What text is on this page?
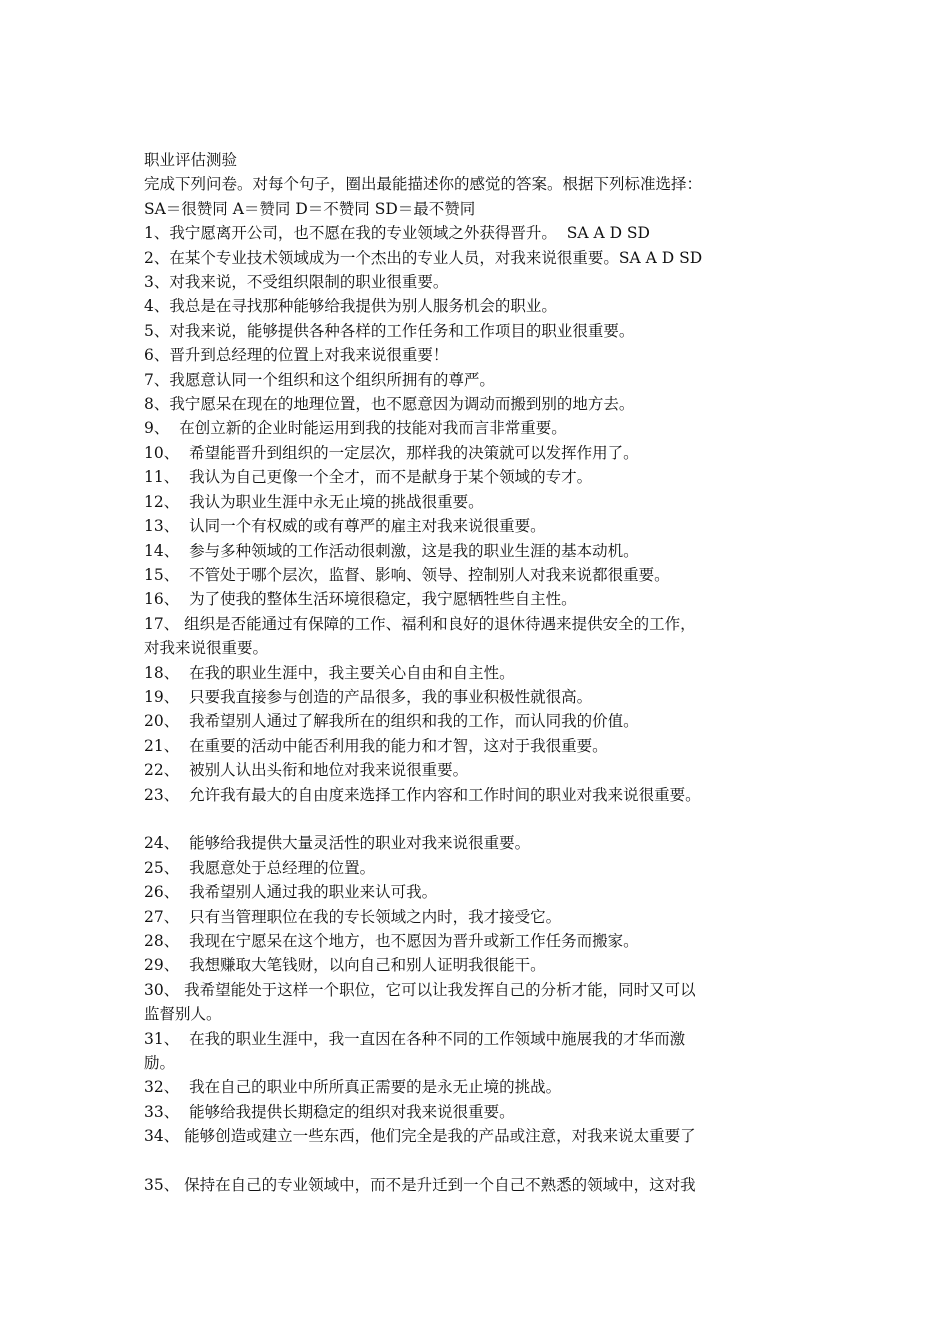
职业评估测验
完成下列问卷。对每个句子，圈出最能描述你的感觉的答案。根据下列标准选择：
SA＝很赞同 A＝赞同 D＝不赞同 SD＝最不赞同
1、我宁愿离开公司，也不愿在我的专业领域之外获得晋升。  SA A D SD
2、在某个专业技术领域成为一个杰出的专业人员，对我来说很重要。SA A D SD
3、对我来说，不受组织限制的职业很重要。
4、我总是在寻找那种能够给我提供为别人服务机会的职业。
5、对我来说，能够提供各种各样的工作任务和工作项目的职业很重要。
6、晋升到总经理的位置上对我来说很重要！
7、我愿意认同一个组织和这个组织所拥有的尊严。
8、我宁愿呆在现在的地理位置，也不愿意因为调动而搬到别的地方去。
9、  在创立新的企业时能运用到我的技能对我而言非常重要。
10、  希望能晋升到组织的一定层次，那样我的决策就可以发挥作用了。
11、  我认为自己更像一个全才，而不是献身于某个领域的专才。
12、  我认为职业生涯中永无止境的挑战很重要。
13、  认同一个有权威的或有尊严的雇主对我来说很重要。
14、  参与多种领域的工作活动很刺激，这是我的职业生涯的基本动机。
15、  不管处于哪个层次，监督、影响、领导、控制别人对我来说都很重要。
16、  为了使我的整体生活环境很稳定，我宁愿牺牲些自主性。
17、 组织是否能通过有保障的工作、福利和良好的退休待遇来提供安全的工作，
对我来说很重要。
18、  在我的职业生涯中，我主要关心自由和自主性。
19、  只要我直接参与创造的产品很多，我的事业积极性就很高。
20、  我希望别人通过了解我所在的组织和我的工作，而认同我的价值。
21、  在重要的活动中能否利用我的能力和才智，这对于我很重要。
22、  被别人认出头衔和地位对我来说很重要。
23、  允许我有最大的自由度来选择工作内容和工作时间的职业对我来说很重要。
24、  能够给我提供大量灵活性的职业对我来说很重要。
25、  我愿意处于总经理的位置。
26、  我希望别人通过我的职业来认可我。
27、  只有当管理职位在我的专长领域之内时，我才接受它。
28、  我现在宁愿呆在这个地方，也不愿因为晋升或新工作任务而搬家。
29、  我想赚取大笔钱财，以向自己和别人证明我很能干。
30、 我希望能处于这样一个职位，它可以让我发挥自己的分析才能，同时又可以
监督别人。
31、  在我的职业生涯中，我一直因在各种不同的工作领域中施展我的才华而激
励。
32、  我在自己的职业中所所真正需要的是永无止境的挑战。
33、  能够给我提供长期稳定的组织对我来说很重要。
34、 能够创造或建立一些东西，他们完全是我的产品或注意，对我来说太重要了
35、 保持在自己的专业领域中，而不是升迁到一个自己不熟悉的领域中，这对我
